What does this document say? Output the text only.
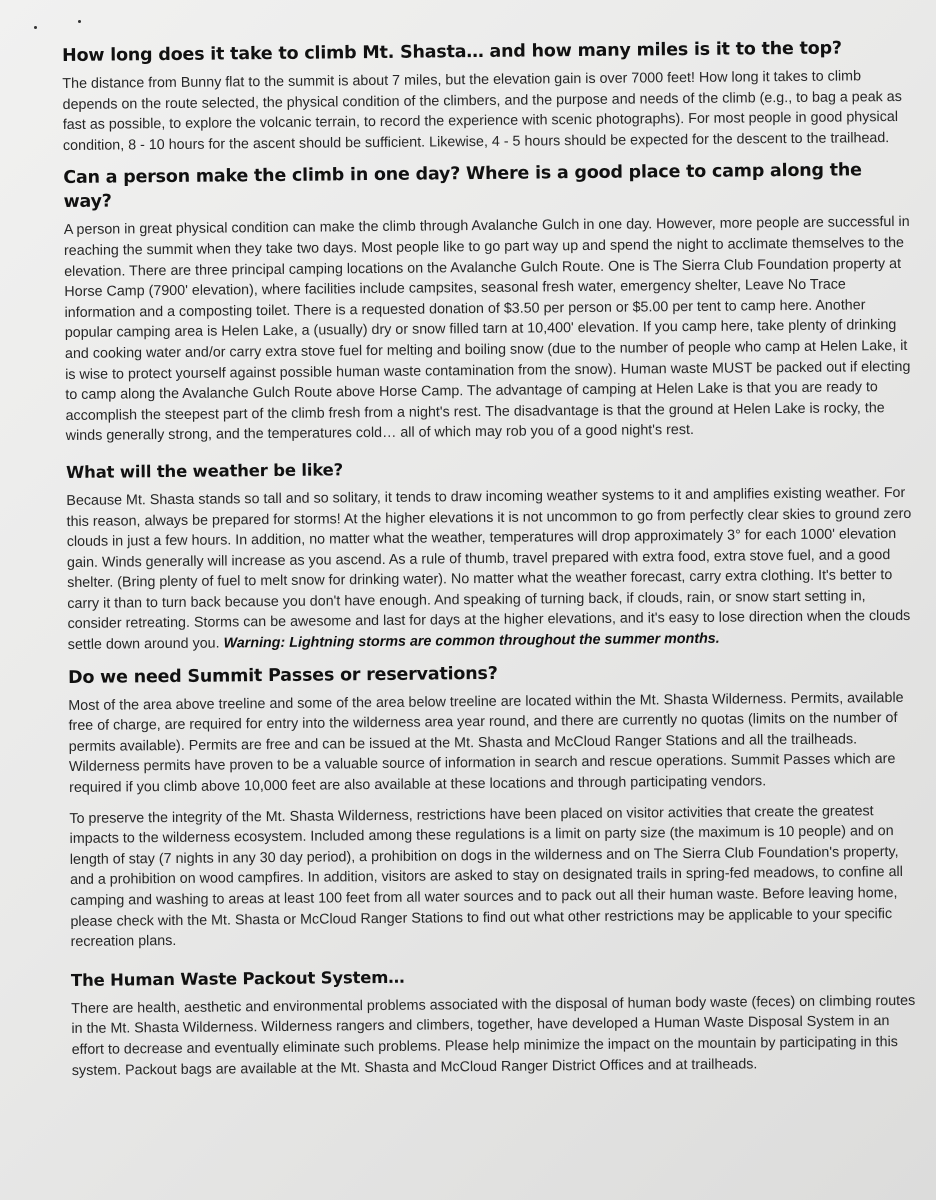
How long does it take to climb Mt. Shasta… and how many miles is it to the top?

The distance from Bunny flat to the summit is about 7 miles, but the elevation gain is over 7000 feet! How long it takes to climb depends on the route selected, the physical condition of the climbers, and the purpose and needs of the climb (e.g., to bag a peak as fast as possible, to explore the volcanic terrain, to record the experience with scenic photographs). For most people in good physical condition, 8 - 10 hours for the ascent should be sufficient. Likewise, 4 - 5 hours should be expected for the descent to the trailhead.

Can a person make the climb in one day? Where is a good place to camp along the way?

A person in great physical condition can make the climb through Avalanche Gulch in one day. However, more people are successful in reaching the summit when they take two days. Most people like to go part way up and spend the night to acclimate themselves to the elevation. There are three principal camping locations on the Avalanche Gulch Route. One is The Sierra Club Foundation property at Horse Camp (7900' elevation), where facilities include campsites, seasonal fresh water, emergency shelter, Leave No Trace information and a composting toilet. There is a requested donation of $3.50 per person or $5.00 per tent to camp here. Another popular camping area is Helen Lake, a (usually) dry or snow filled tarn at 10,400' elevation. If you camp here, take plenty of drinking and cooking water and/or carry extra stove fuel for melting and boiling snow (due to the number of people who camp at Helen Lake, it is wise to protect yourself against possible human waste contamination from the snow). Human waste MUST be packed out if electing to camp along the Avalanche Gulch Route above Horse Camp. The advantage of camping at Helen Lake is that you are ready to accomplish the steepest part of the climb fresh from a night's rest. The disadvantage is that the ground at Helen Lake is rocky, the winds generally strong, and the temperatures cold… all of which may rob you of a good night's rest.

What will the weather be like?

Because Mt. Shasta stands so tall and so solitary, it tends to draw incoming weather systems to it and amplifies existing weather. For this reason, always be prepared for storms! At the higher elevations it is not uncommon to go from perfectly clear skies to ground zero clouds in just a few hours. In addition, no matter what the weather, temperatures will drop approximately 3° for each 1000' elevation gain. Winds generally will increase as you ascend. As a rule of thumb, travel prepared with extra food, extra stove fuel, and a good shelter. (Bring plenty of fuel to melt snow for drinking water). No matter what the weather forecast, carry extra clothing. It's better to carry it than to turn back because you don't have enough. And speaking of turning back, if clouds, rain, or snow start setting in, consider retreating. Storms can be awesome and last for days at the higher elevations, and it's easy to lose direction when the clouds settle down around you. Warning: Lightning storms are common throughout the summer months.

Do we need Summit Passes or reservations?

Most of the area above treeline and some of the area below treeline are located within the Mt. Shasta Wilderness. Permits, available free of charge, are required for entry into the wilderness area year round, and there are currently no quotas (limits on the number of permits available). Permits are free and can be issued at the Mt. Shasta and McCloud Ranger Stations and all the trailheads. Wilderness permits have proven to be a valuable source of information in search and rescue operations. Summit Passes which are required if you climb above 10,000 feet are also available at these locations and through participating vendors.

To preserve the integrity of the Mt. Shasta Wilderness, restrictions have been placed on visitor activities that create the greatest impacts to the wilderness ecosystem. Included among these regulations is a limit on party size (the maximum is 10 people) and on length of stay (7 nights in any 30 day period), a prohibition on dogs in the wilderness and on The Sierra Club Foundation's property, and a prohibition on wood campfires. In addition, visitors are asked to stay on designated trails in spring-fed meadows, to confine all camping and washing to areas at least 100 feet from all water sources and to pack out all their human waste. Before leaving home, please check with the Mt. Shasta or McCloud Ranger Stations to find out what other restrictions may be applicable to your specific recreation plans.

The Human Waste Packout System…

There are health, aesthetic and environmental problems associated with the disposal of human body waste (feces) on climbing routes in the Mt. Shasta Wilderness. Wilderness rangers and climbers, together, have developed a Human Waste Disposal System in an effort to decrease and eventually eliminate such problems. Please help minimize the impact on the mountain by participating in this system. Packout bags are available at the Mt. Shasta and McCloud Ranger District Offices and at trailheads.
